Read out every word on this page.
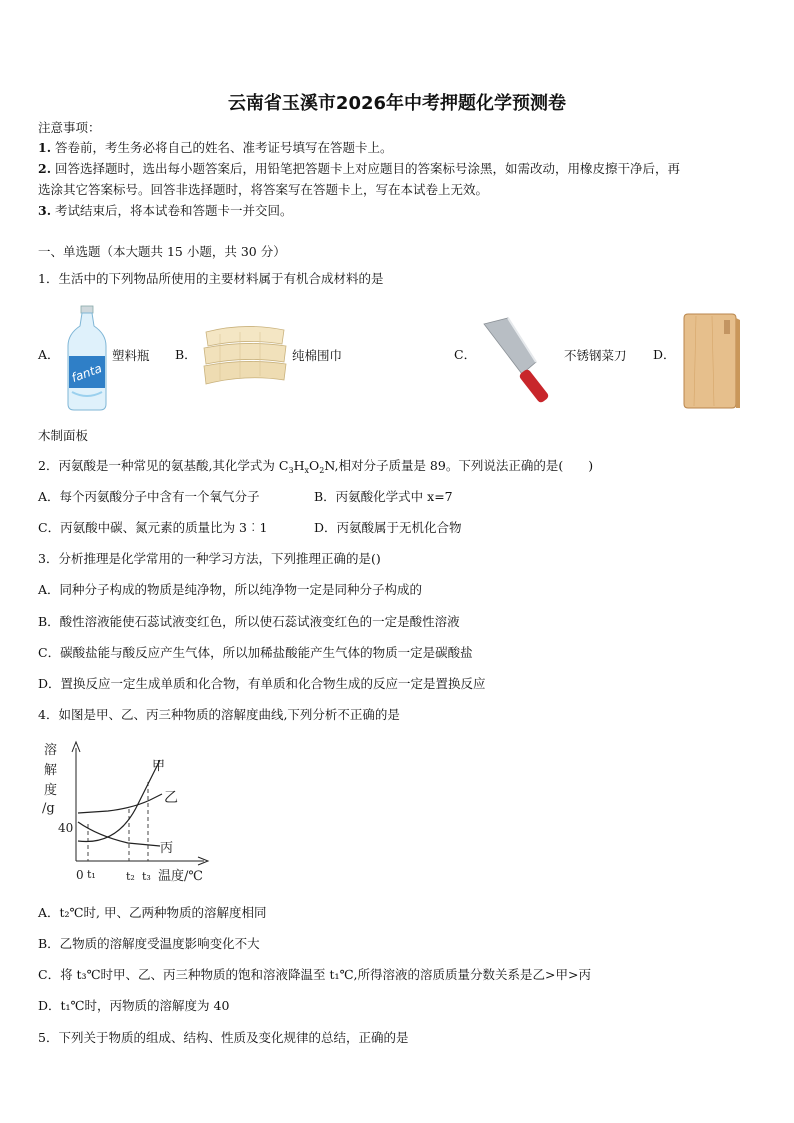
云南省玉溪市2026年中考押题化学预测卷
注意事项：
1. 答卷前，考生务必将自己的姓名、准考证号填写在答题卡上。
2. 回答选择题时，选出每小题答案后，用铅笔把答题卡上对应题目的答案标号涂黑，如需改动，用橡皮擦干净后，再
选涂其它答案标号。回答非选择题时，将答案写在答题卡上，写在本试卷上无效。
3. 考试结束后，将本试卷和答题卡一并交回。
一、单选题（本大题共 15 小题，共 30 分）
1．生活中的下列物品所使用的主要材料属于有机合成材料的是
A．
fanta
塑料瓶 B．	纯棉围巾	C．	不锈钢菜刀 D．
木制面板
2．丙氨酸是一种常见的氨基酸,其化学式为 $C_3H_xO_2N$,相对分子质量是 89。下列说法正确的是(　　)
A．每个丙氨酸分子中含有一个氧气分子	B．丙氨酸化学式中 x=7
C．丙氨酸中碳、氮元素的质量比为 3︰1	D．丙氨酸属于无机化合物
3．分析推理是化学常用的一种学习方法，下列推理正确的是()
A．同种分子构成的物质是纯净物，所以纯净物一定是同种分子构成的
B．酸性溶液能使石蕊试液变红色，所以使石蕊试液变红色的一定是酸性溶液
C．碳酸盐能与酸反应产生气体，所以加稀盐酸能产生气体的物质一定是碳酸盐
D．置换反应一定生成单质和化合物，有单质和化合物生成的反应一定是置换反应
4．如图是甲、乙、丙三种物质的溶解度曲线,下列分析不正确的是
溶
解
度
/g
40
0 t₁	t₂ t₃ 温度/℃
甲
乙
丙
A．t₂℃时, 甲、乙两种物质的溶解度相同
B．乙物质的溶解度受温度影响变化不大
C．将 t₃℃时甲、乙、丙三种物质的饱和溶液降温至 t₁℃,所得溶液的溶质质量分数关系是乙>甲>丙
D．t₁℃时，丙物质的溶解度为 40
5．下列关于物质的组成、结构、性质及变化规律的总结，正确的是
